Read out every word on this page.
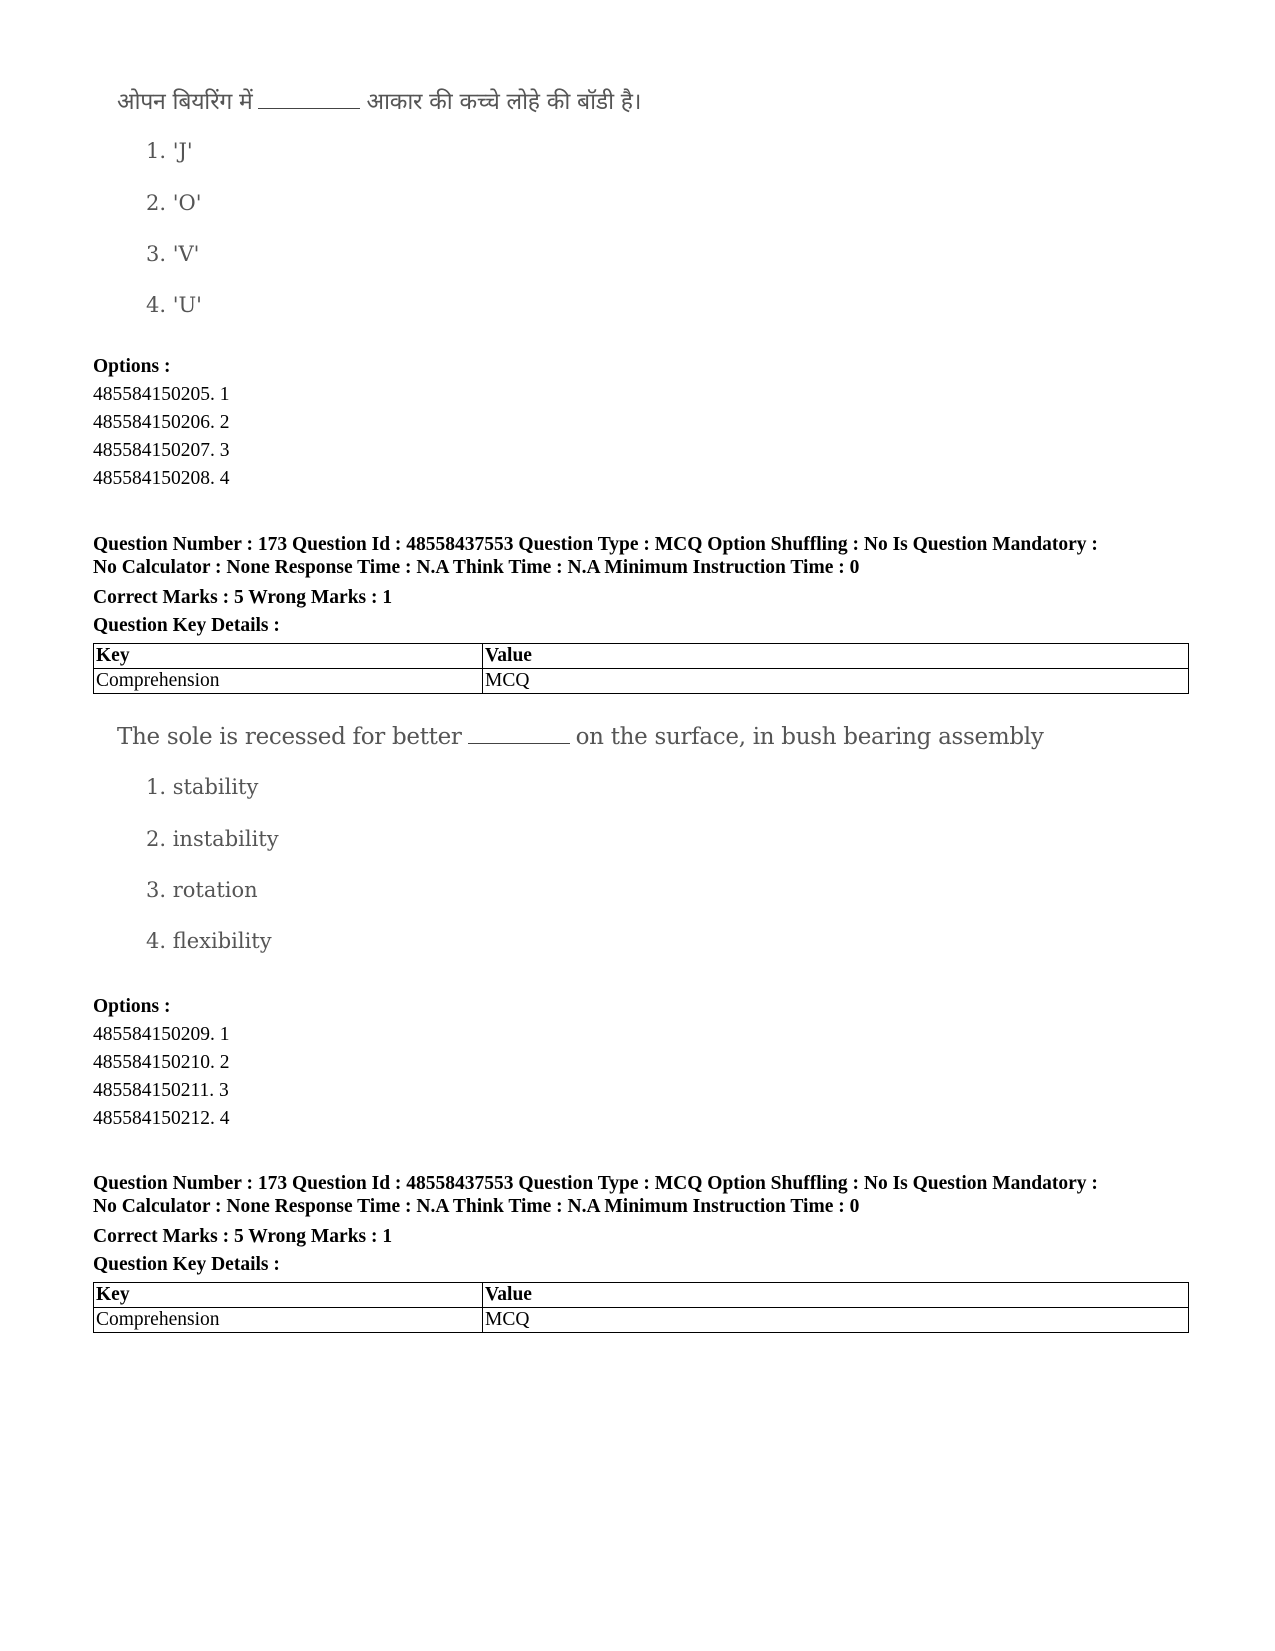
ओपन बियरिंग में	आकार की कच्चे लोहे की बॉडी है।
1. 'J'
2. 'O'
3. 'V'
4. 'U'
Options :
485584150205. 1
485584150206. 2
485584150207. 3
485584150208. 4
Question Number : 173 Question Id : 48558437553 Question Type : MCQ Option Shuffling : No Is Question Mandatory :
No Calculator : None Response Time : N.A Think Time : N.A Minimum Instruction Time : 0
Correct Marks : 5 Wrong Marks : 1
Question Key Details :
Key	Value
Comprehension	MCQ
The sole is recessed for better	on the surface, in bush bearing assembly
1. stability
2. instability
3. rotation
4. flexibility
Options :
485584150209. 1
485584150210. 2
485584150211. 3
485584150212. 4
Question Number : 173 Question Id : 48558437553 Question Type : MCQ Option Shuffling : No Is Question Mandatory :
No Calculator : None Response Time : N.A Think Time : N.A Minimum Instruction Time : 0
Correct Marks : 5 Wrong Marks : 1
Question Key Details :
Key	Value
Comprehension	MCQ
